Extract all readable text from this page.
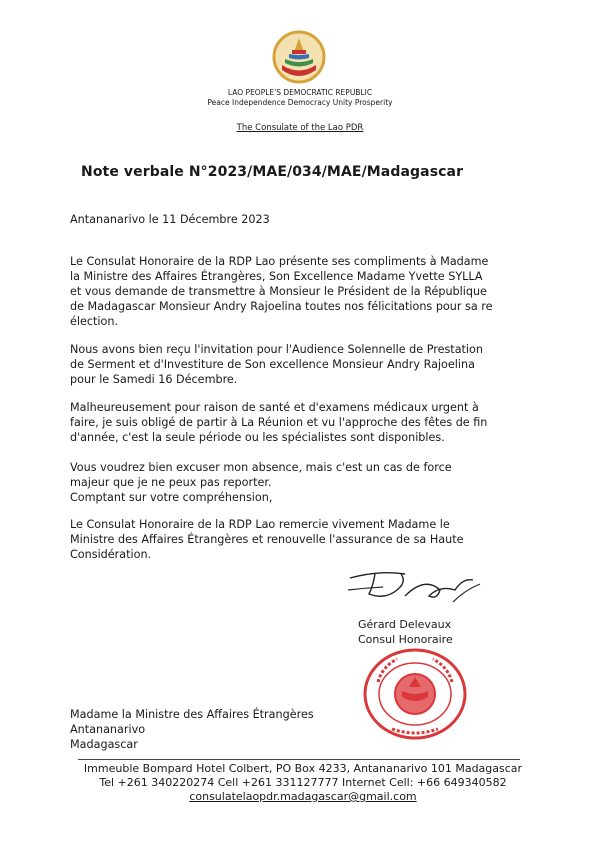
LAO PEOPLE'S DEMOCRATIC REPUBLIC
Peace Independence Democracy Unity Prosperity
The Consulate of the Lao PDR
Note verbale N°2023/MAE/034/MAE/Madagascar
Antananarivo le 11 Décembre 2023

Le Consulat Honoraire de la RDP Lao présente ses compliments à Madame

la Ministre des Affaires Étrangères, Son Excellence Madame Yvette SYLLA

et vous demande de transmettre à Monsieur le Président de la République

de Madagascar Monsieur Andry Rajoelina toutes nos félicitations pour sa re

élection.

Nous avons bien reçu l'invitation pour l'Audience Solennelle de Prestation

de Serment et d'Investiture de Son excellence Monsieur Andry Rajoelina

pour le Samedi 16 Décembre.

Malheureusement pour raison de santé et d'examens médicaux urgent à

faire, je suis obligé de partir à La Réunion et vu l'approche des fêtes de fin

d'année, c'est la seule période ou les spécialistes sont disponibles.

Vous voudrez bien excuser mon absence, mais c'est un cas de force

majeur que je ne peux pas reporter.

Comptant sur votre compréhension,

Le Consulat Honoraire de la RDP Lao remercie vivement Madame le

Ministre des Affaires Étrangères et renouvelle l'assurance de sa Haute

Considération.

Gérard Delevaux
Consul Honoraire

Madame la Ministre des Affaires Étrangères

Antananarivo

Madagascar

Immeuble Bompard Hotel Colbert, PO Box 4233, Antananarivo 101 Madagascar
Tel +261 340220274 Cell +261 331127777 Internet Cell: +66 649340582
consulatelaopdr.madagascar@gmail.com
